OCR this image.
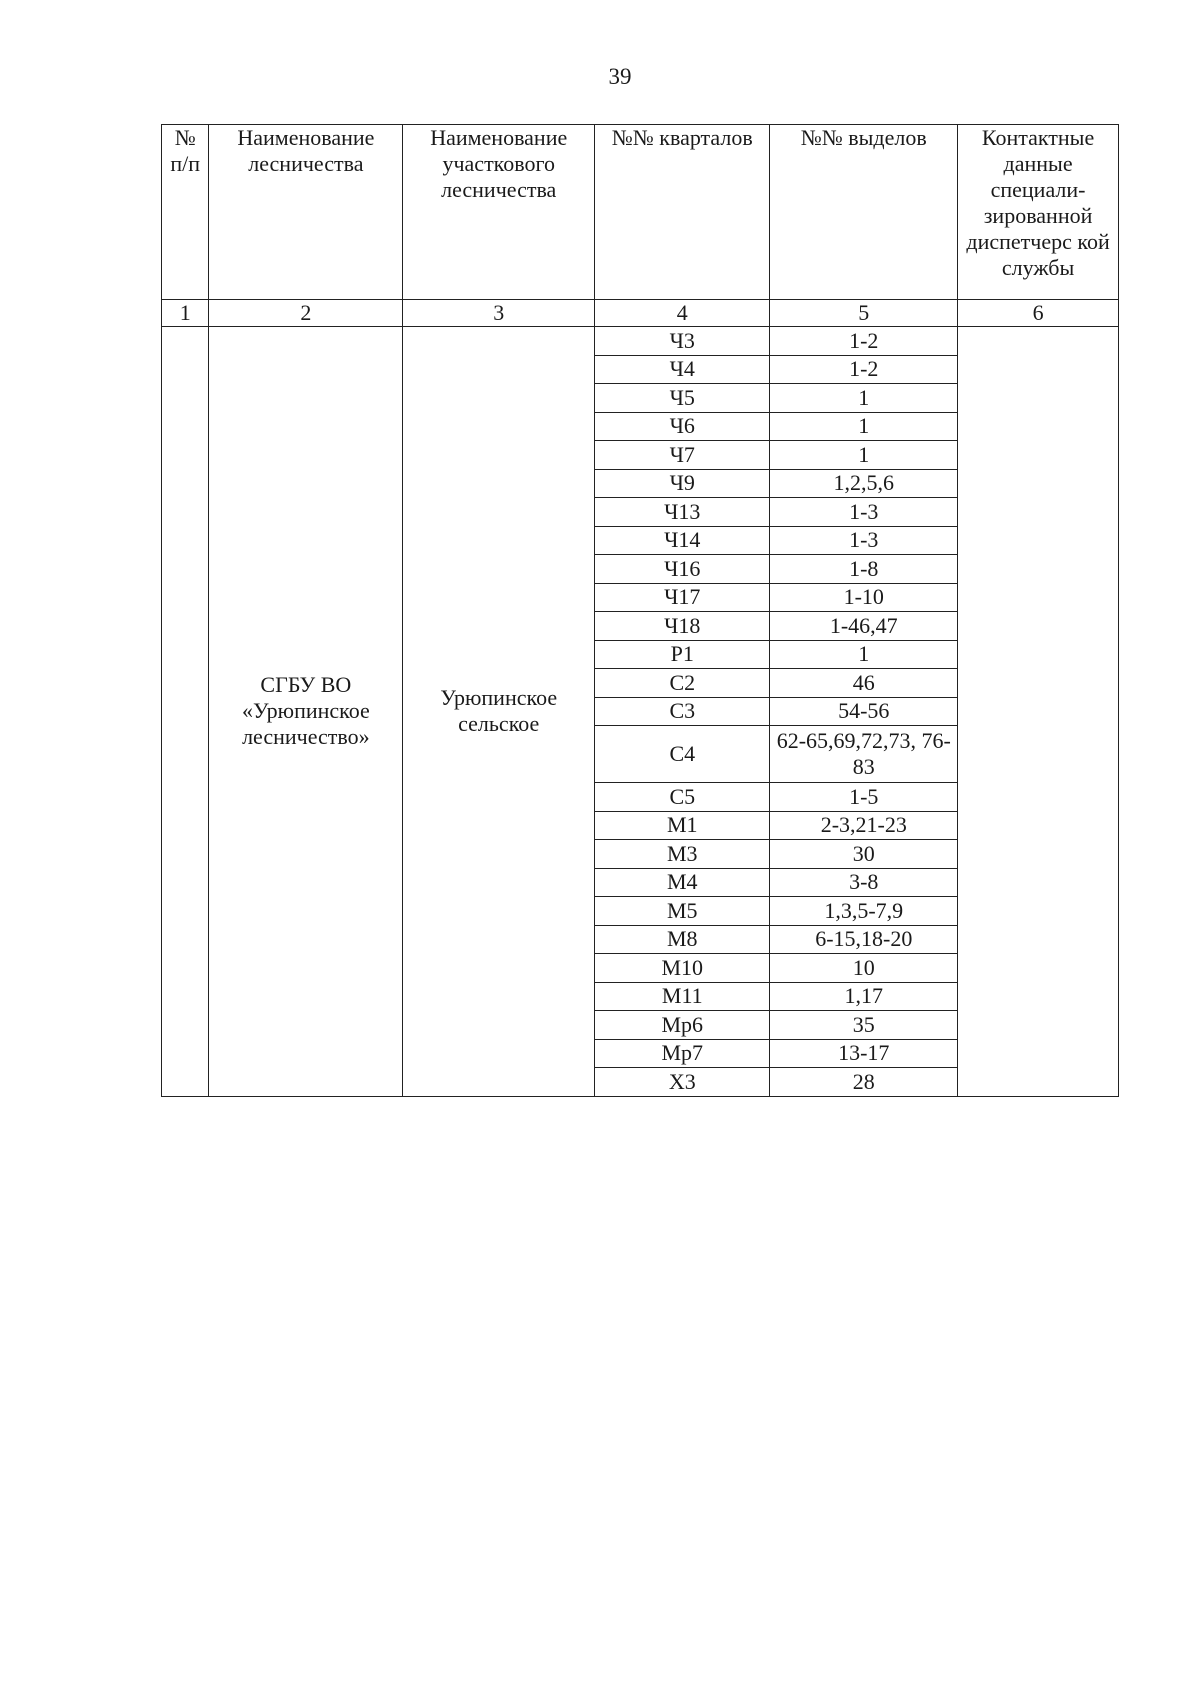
39
№ п/п	Наименование лесничества	Наименование участкового лесничества	№№ кварталов	№№ выделов	Контактные данные специали-зированной диспетчерс кой службы
1	2	3	4	5	6
	СГБУ ВО «Урюпинское лесничество»	Урюпинское сельское	Ч3	1-2	
			Ч4	1-2	
			Ч5	1	
			Ч6	1	
			Ч7	1	
			Ч9	1,2,5,6	
			Ч13	1-3	
			Ч14	1-3	
			Ч16	1-8	
			Ч17	1-10	
			Ч18	1-46,47	
			Р1	1	
			С2	46	
			С3	54-56	
			С4	62-65,69,72,73, 76-83	
			С5	1-5	
			М1	2-3,21-23	
			М3	30	
			М4	3-8	
			М5	1,3,5-7,9	
			М8	6-15,18-20	
			М10	10	
			М11	1,17	
			Мр6	35	
			Мр7	13-17	
			Х3	28	
